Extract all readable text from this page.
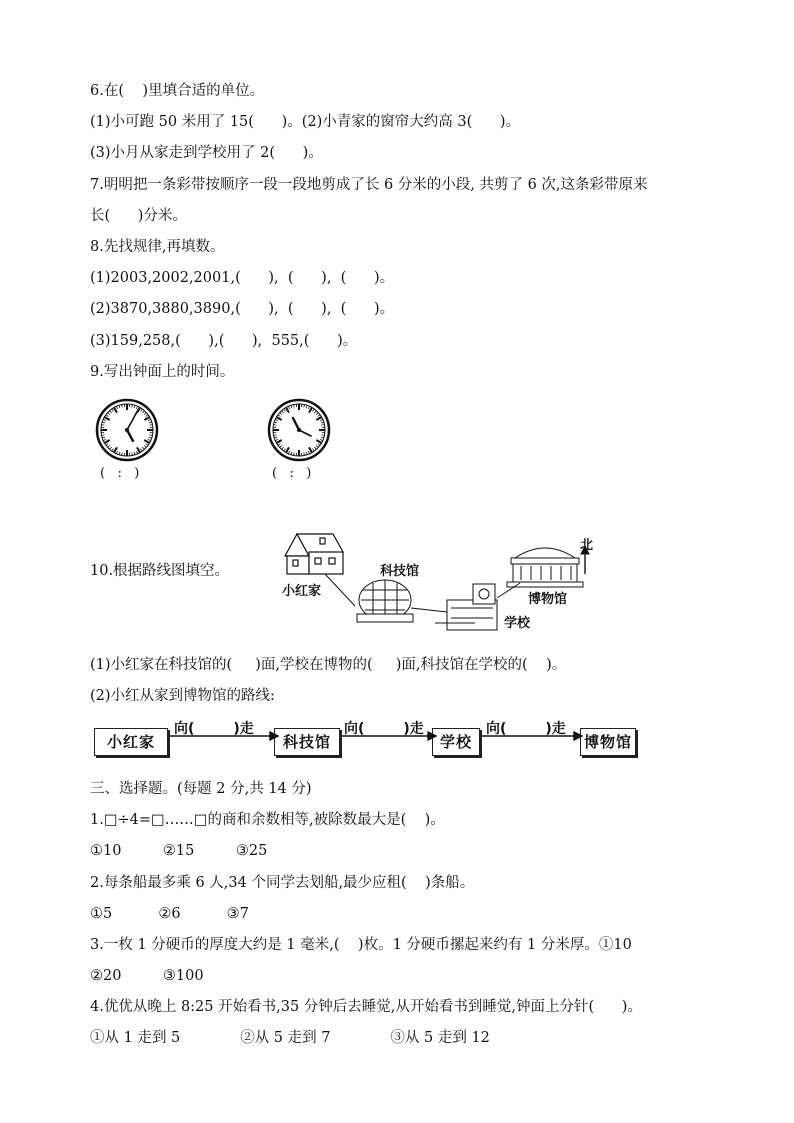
6.在(    )里填合适的单位。
(1)小可跑 50 米用了 15(      )。(2)小青家的窗帘大约高 3(      )。
(3)小月从家走到学校用了 2(      )。
7.明明把一条彩带按顺序一段一段地剪成了长 6 分米的小段, 共剪了 6 次,这条彩带原来
长(      )分米。
8.先找规律,再填数。
(1)2003,2002,2001,(      ),  (      ),  (      )。
(2)3870,3880,3890,(      ),  (      ),  (      )。
(3)159,258,(      ),(      ),  555,(      )。
9.写出钟面上的时间。
(   :   )	(   :   )
10.根据路线图填空。
小红家
科技馆
博物馆
学校
北
(1)小红家在科技馆的(     )面,学校在博物的(     )面,科技馆在学校的(    )。
(2)小红从家到博物馆的路线:
小红家	科技馆	学校	博物馆
向(        )走	向(        )走	向(        )走
三、选择题。(每题 2 分,共 14 分)
1.□÷4=□……□的商和余数相等,被除数最大是(    )。
①10         ②15         ③25
2.每条船最多乘 6 人,34 个同学去划船,最少应租(    )条船。
①5          ②6          ③7
3.一枚 1 分硬币的厚度大约是 1 毫米,(    )枚。1 分硬币摞起来约有 1 分米厚。①10
②20         ③100
4.优优从晚上 8:25 开始看书,35 分钟后去睡觉,从开始看书到睡觉,钟面上分针(      )。
①从 1 走到 5             ②从 5 走到 7             ③从 5 走到 12
